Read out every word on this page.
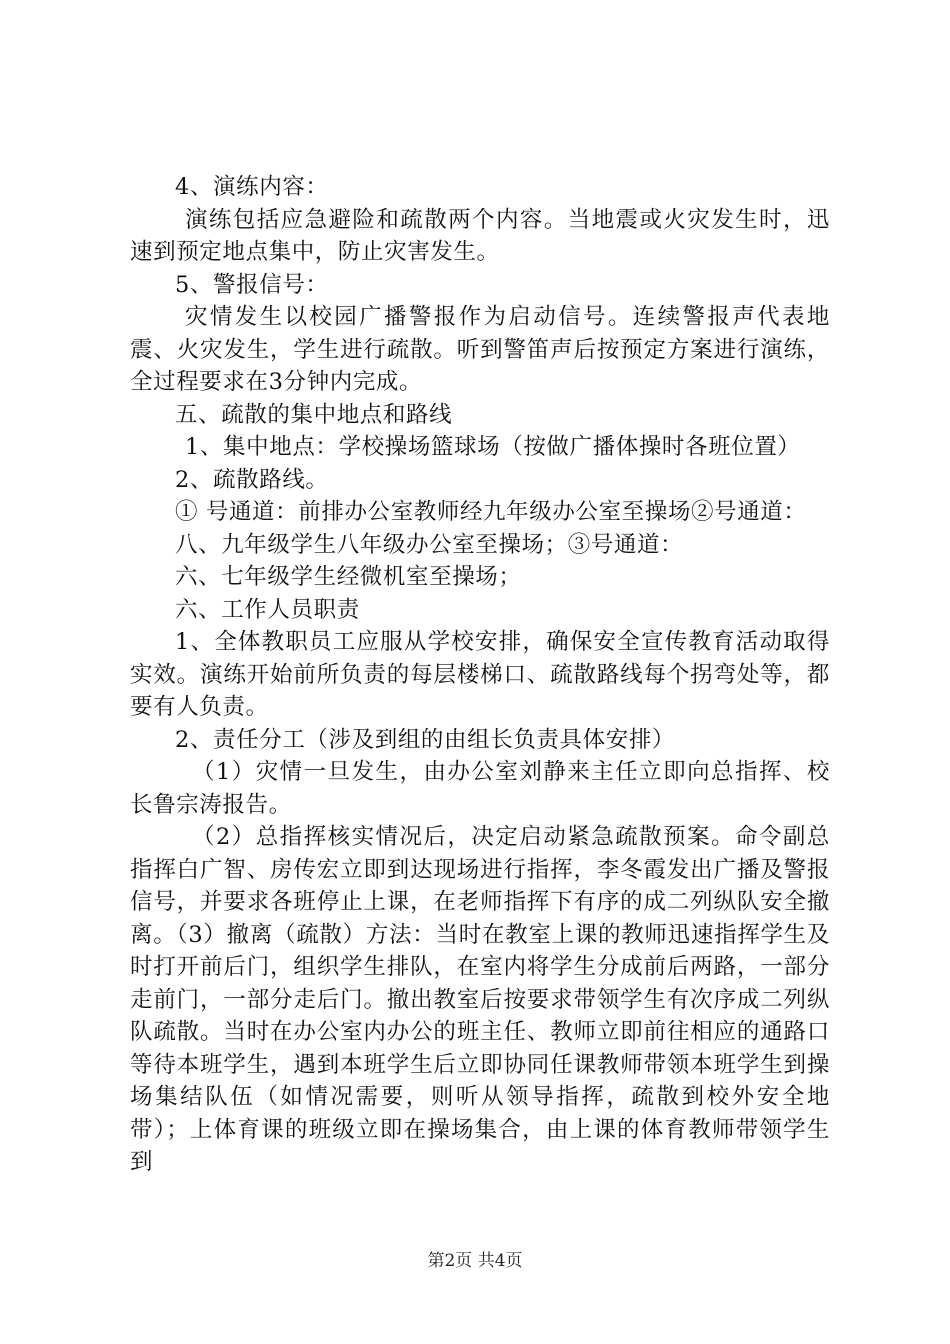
4、演练内容：

演练包括应急避险和疏散两个内容。当地震或火灾发生时，迅速到预定地点集中，防止灾害发生。

5、警报信号：

灾情发生以校园广播警报作为启动信号。连续警报声代表地震、火灾发生，学生进行疏散。听到警笛声后按预定方案进行演练，全过程要求在3分钟内完成。

五、疏散的集中地点和路线

1、集中地点：学校操场篮球场（按做广播体操时各班位置）

2、疏散路线。

① 号通道：前排办公室教师经九年级办公室至操场②号通道：

八、九年级学生八年级办公室至操场；③号通道：

六、七年级学生经微机室至操场；

六、工作人员职责

1、全体教职员工应服从学校安排，确保安全宣传教育活动取得实效。演练开始前所负责的每层楼梯口、疏散路线每个拐弯处等，都要有人负责。

2、责任分工（涉及到组的由组长负责具体安排）

（1）灾情一旦发生，由办公室刘静来主任立即向总指挥、校长鲁宗涛报告。

（2）总指挥核实情况后，决定启动紧急疏散预案。命令副总指挥白广智、房传宏立即到达现场进行指挥，李冬霞发出广播及警报信号，并要求各班停止上课，在老师指挥下有序的成二列纵队安全撤离。（3）撤离（疏散）方法：当时在教室上课的教师迅速指挥学生及时打开前后门，组织学生排队，在室内将学生分成前后两路，一部分走前门，一部分走后门。撤出教室后按要求带领学生有次序成二列纵队疏散。当时在办公室内办公的班主任、教师立即前往相应的通路口等待本班学生，遇到本班学生后立即协同任课教师带领本班学生到操场集结队伍（如情况需要，则听从领导指挥，疏散到校外安全地带）；上体育课的班级立即在操场集合，由上课的体育教师带领学生到

第2页 共4页
